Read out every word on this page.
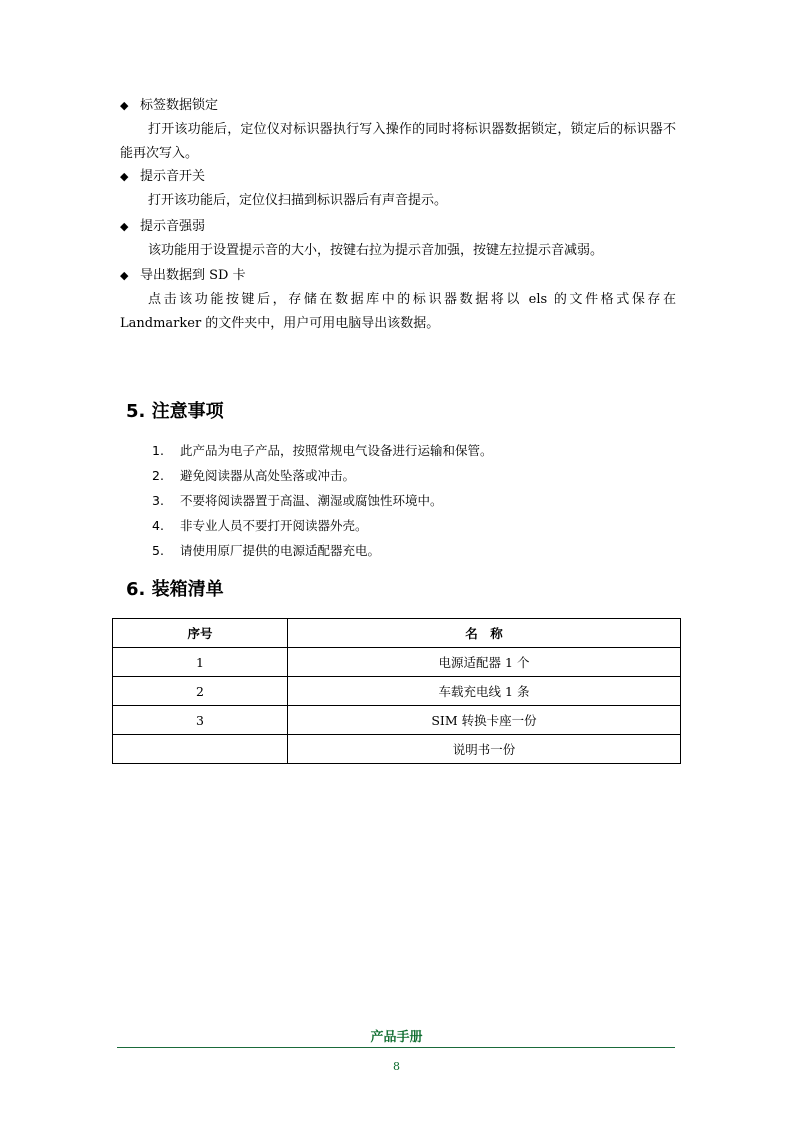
◆ 标签数据锁定
打开该功能后，定位仪对标识器执行写入操作的同时将标识器数据锁定，锁定后的标识器不能再次写入。
◆ 提示音开关
打开该功能后，定位仪扫描到标识器后有声音提示。
◆ 提示音强弱
该功能用于设置提示音的大小，按键右拉为提示音加强，按键左拉提示音减弱。
◆ 导出数据到 SD 卡
点击该功能按键后，存储在数据库中的标识器数据将以 els 的文件格式保存在 Landmarker 的文件夹中，用户可用电脑导出该数据。
5. 注意事项
1. 此产品为电子产品，按照常规电气设备进行运输和保管。
2. 避免阅读器从高处坠落或冲击。
3. 不要将阅读器置于高温、潮湿或腐蚀性环境中。
4. 非专业人员不要打开阅读器外壳。
5. 请使用原厂提供的电源适配器充电。
6. 装箱清单
序号	名　称
1	电源适配器 1 个
2	车载充电线 1 条
3	SIM 转换卡座一份
	说明书一份
产品手册
8
